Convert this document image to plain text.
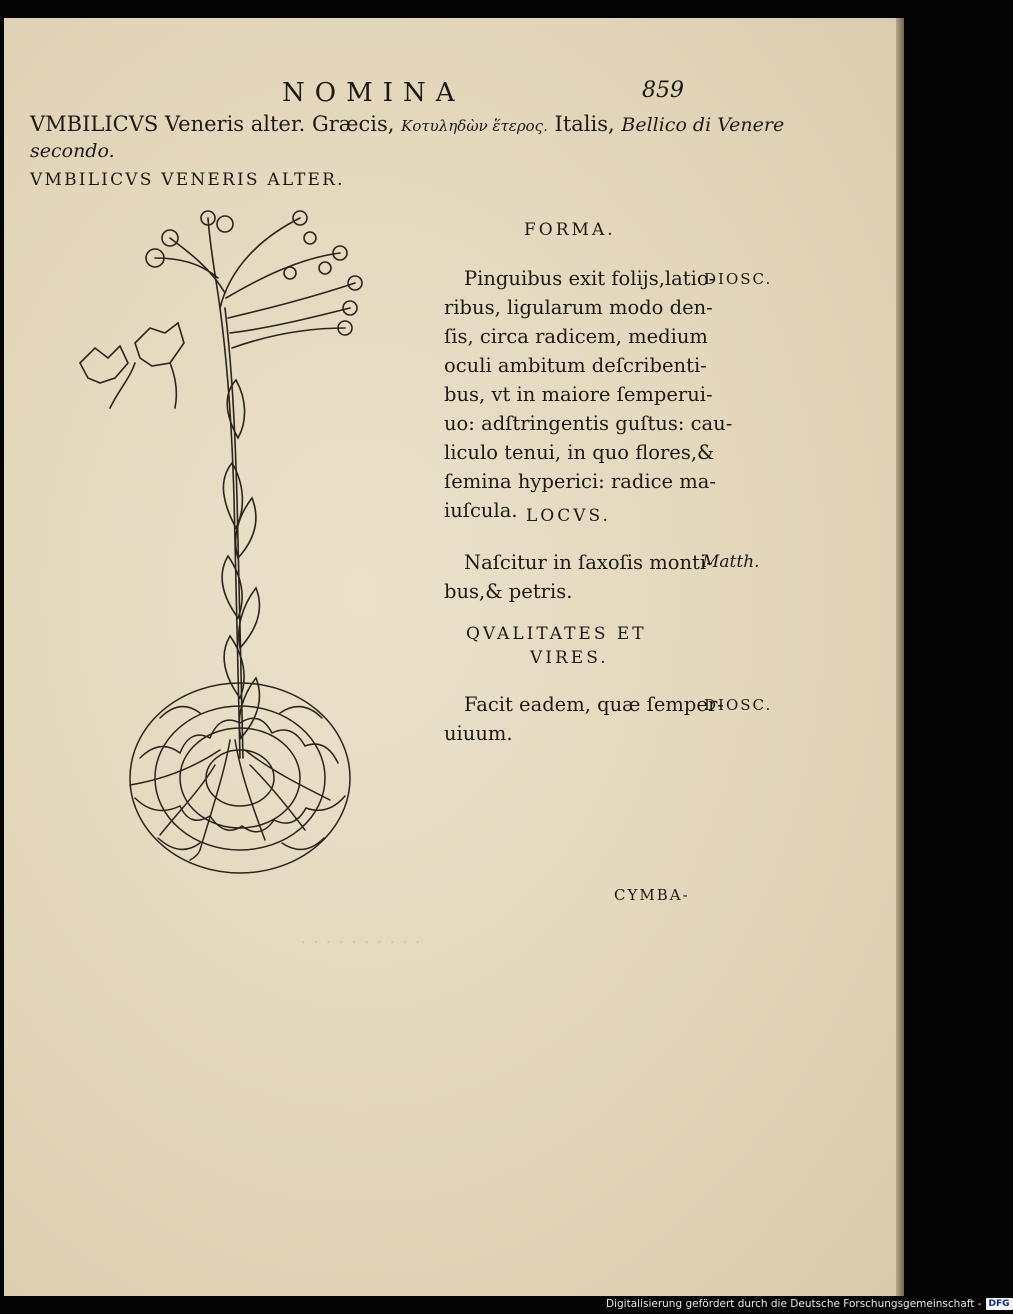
· · · · · · · · · ·
NOMINA	859
VMBILICVS Veneris alter. Græcis, Κοτυληδὼν ἕτερος. Italis, Bellico di Venere
secondo.
VMBILICVS VENERIS ALTER.
FORMA.
Pinguibus exit folijs,latio-
ribus, ligularum modo den-
ſis, circa radicem, medium
oculi ambitum deſcribenti-
bus, vt in maiore ſemperui-
uo: adſtringentis guſtus: cau-
liculo tenui, in quo flores,&
ſemina hyperici: radice ma-
iuſcula.
DIOSC.
LOCVS.
Naſcitur in ſaxoſis monti-
bus,& petris.
Matth.
QVALITATES ET
VIRES.
Facit eadem, quæ ſemper-
uiuum.
DIOSC.
CYMBA-
Digitalisierung gefördert durch die Deutsche Forschungsgemeinschaft - DFG
